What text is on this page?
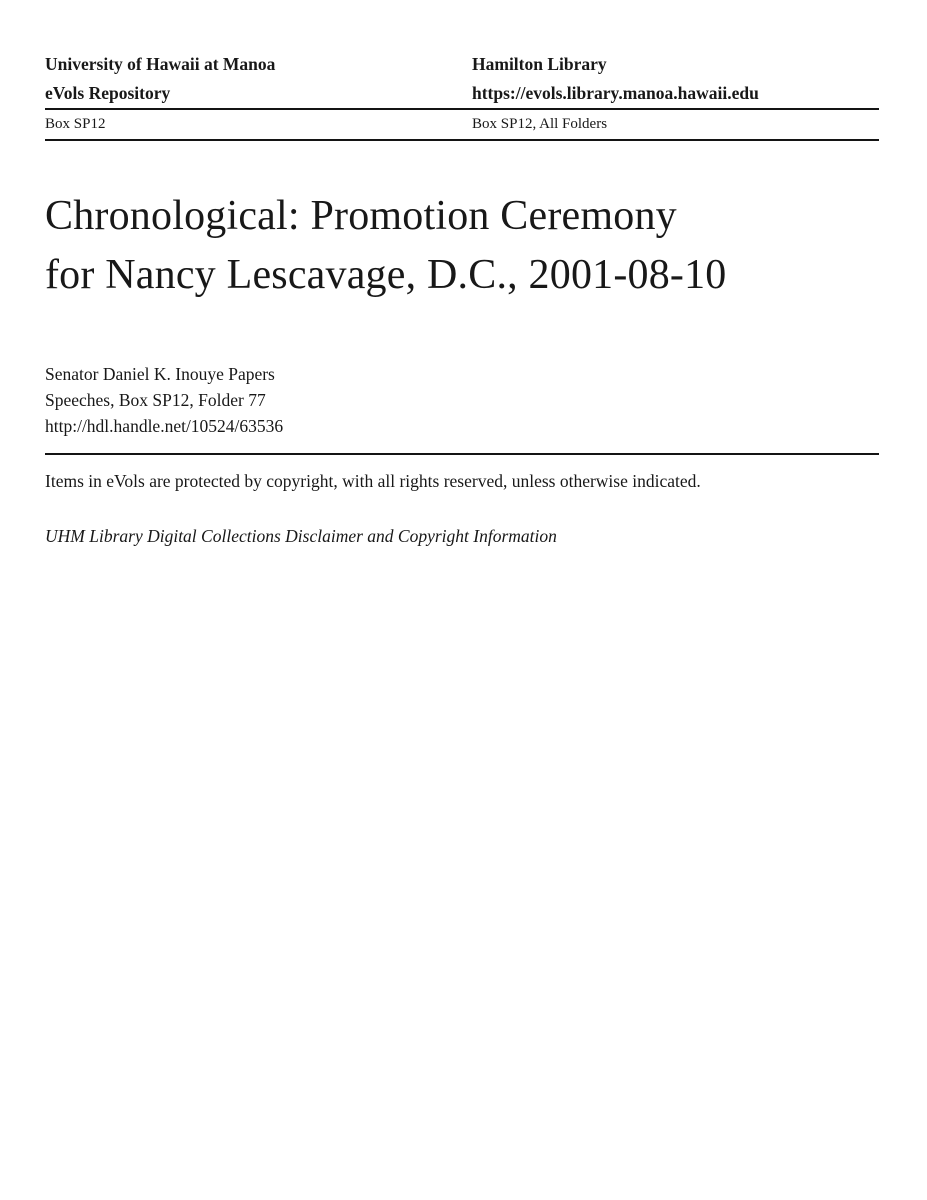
University of Hawaii at Manoa	Hamilton Library
eVols Repository	https://evols.library.manoa.hawaii.edu
Box SP12	Box SP12, All Folders
Chronological: Promotion Ceremony
for Nancy Lescavage, D.C., 2001-08-10
Senator Daniel K. Inouye Papers
Speeches, Box SP12, Folder 77
http://hdl.handle.net/10524/63536

Items in eVols are protected by copyright, with all rights reserved, unless otherwise indicated.

UHM Library Digital Collections Disclaimer and Copyright Information
